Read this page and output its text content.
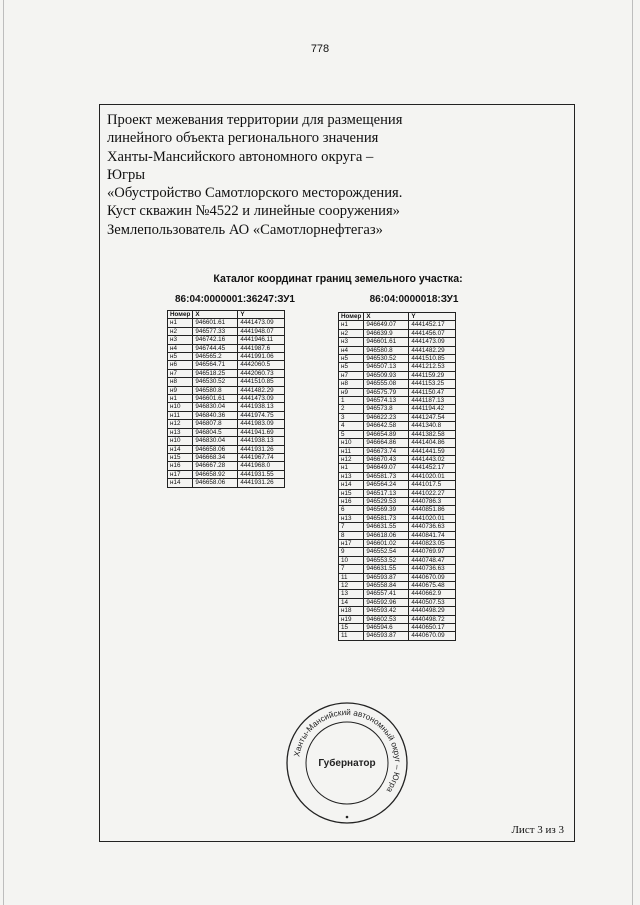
778
Проект межевания территории для размещения
линейного объекта регионального значения
Ханты-Мансийского автономного округа –
Югры
«Обустройство Самотлорского месторождения.
Куст скважин №4522 и линейные сооружения»
Землепользователь АО «Самотлорнефтегаз»
Каталог координат границ земельного участка:
86:04:0000001:36247:ЗУ1	86:04:0000018:ЗУ1
Номер	X	Y
н1	946601.61	4441473.09
н2	946577.33	4441948.07
н3	946742.16	4441946.11
н4	946744.45	4441987.6
н5	946565.2	4441991.06
н6	946564.71	4442060.5
н7	946518.25	4442060.73
н8	946530.52	4441510.85
н9	946580.8	4441482.29
н1	946601.61	4441473.09
н10	946830.04	4441938.13
н11	946840.36	4441974.75
н12	946807.8	4441983.09
н13	946804.5	4441941.69
н10	946830.04	4441938.13
н14	946658.06	4441931.26
н15	946668.34	4441967.74
н16	946667.28	4441968.0
н17	946658.92	4441931.55
н14	946658.06	4441931.26
Номер	X	Y
н1	946649.07	4441452.17
н2	946639.9	4441456.07
н3	946601.61	4441473.09
н4	946580.8	4441482.29
н5	946530.52	4441510.85
н5	946507.13	4441212.53
н7	946509.93	4441159.29
н8	946555.08	4441153.25
н9	946575.79	4441150.47
1	946574.13	4441187.13
2	946573.8	4441194.42
3	946622.23	4441247.54
4	946642.58	4441340.8
5	946654.89	4441382.58
н10	946664.86	4441404.86
н11	946673.74	4441441.59
н12	946670.43	4441443.02
н1	946649.07	4441452.17
н13	946581.73	4441020.01
н14	946564.24	4441017.5
н15	946517.13	4441022.27
н16	946529.53	4440786.3
6	946569.39	4440851.86
н13	946581.73	4441020.01
7	946631.55	4440736.63
8	946618.06	4440841.74
н17	946601.02	4440823.05
9	946552.54	4440769.97
10	946553.52	4440748.47
7	946631.55	4440736.63
11	946593.87	4440670.09
12	946558.84	4440675.48
13	946557.41	4440662.9
14	946592.96	4440507.53
н18	946593.42	4440498.29
н19	946602.53	4440498.72
15	946594.6	4440650.17
11	946593.87	4440670.09
Лист 3 из 3
Ханты-Мансийский автономный округ – Югра
Губернатор
